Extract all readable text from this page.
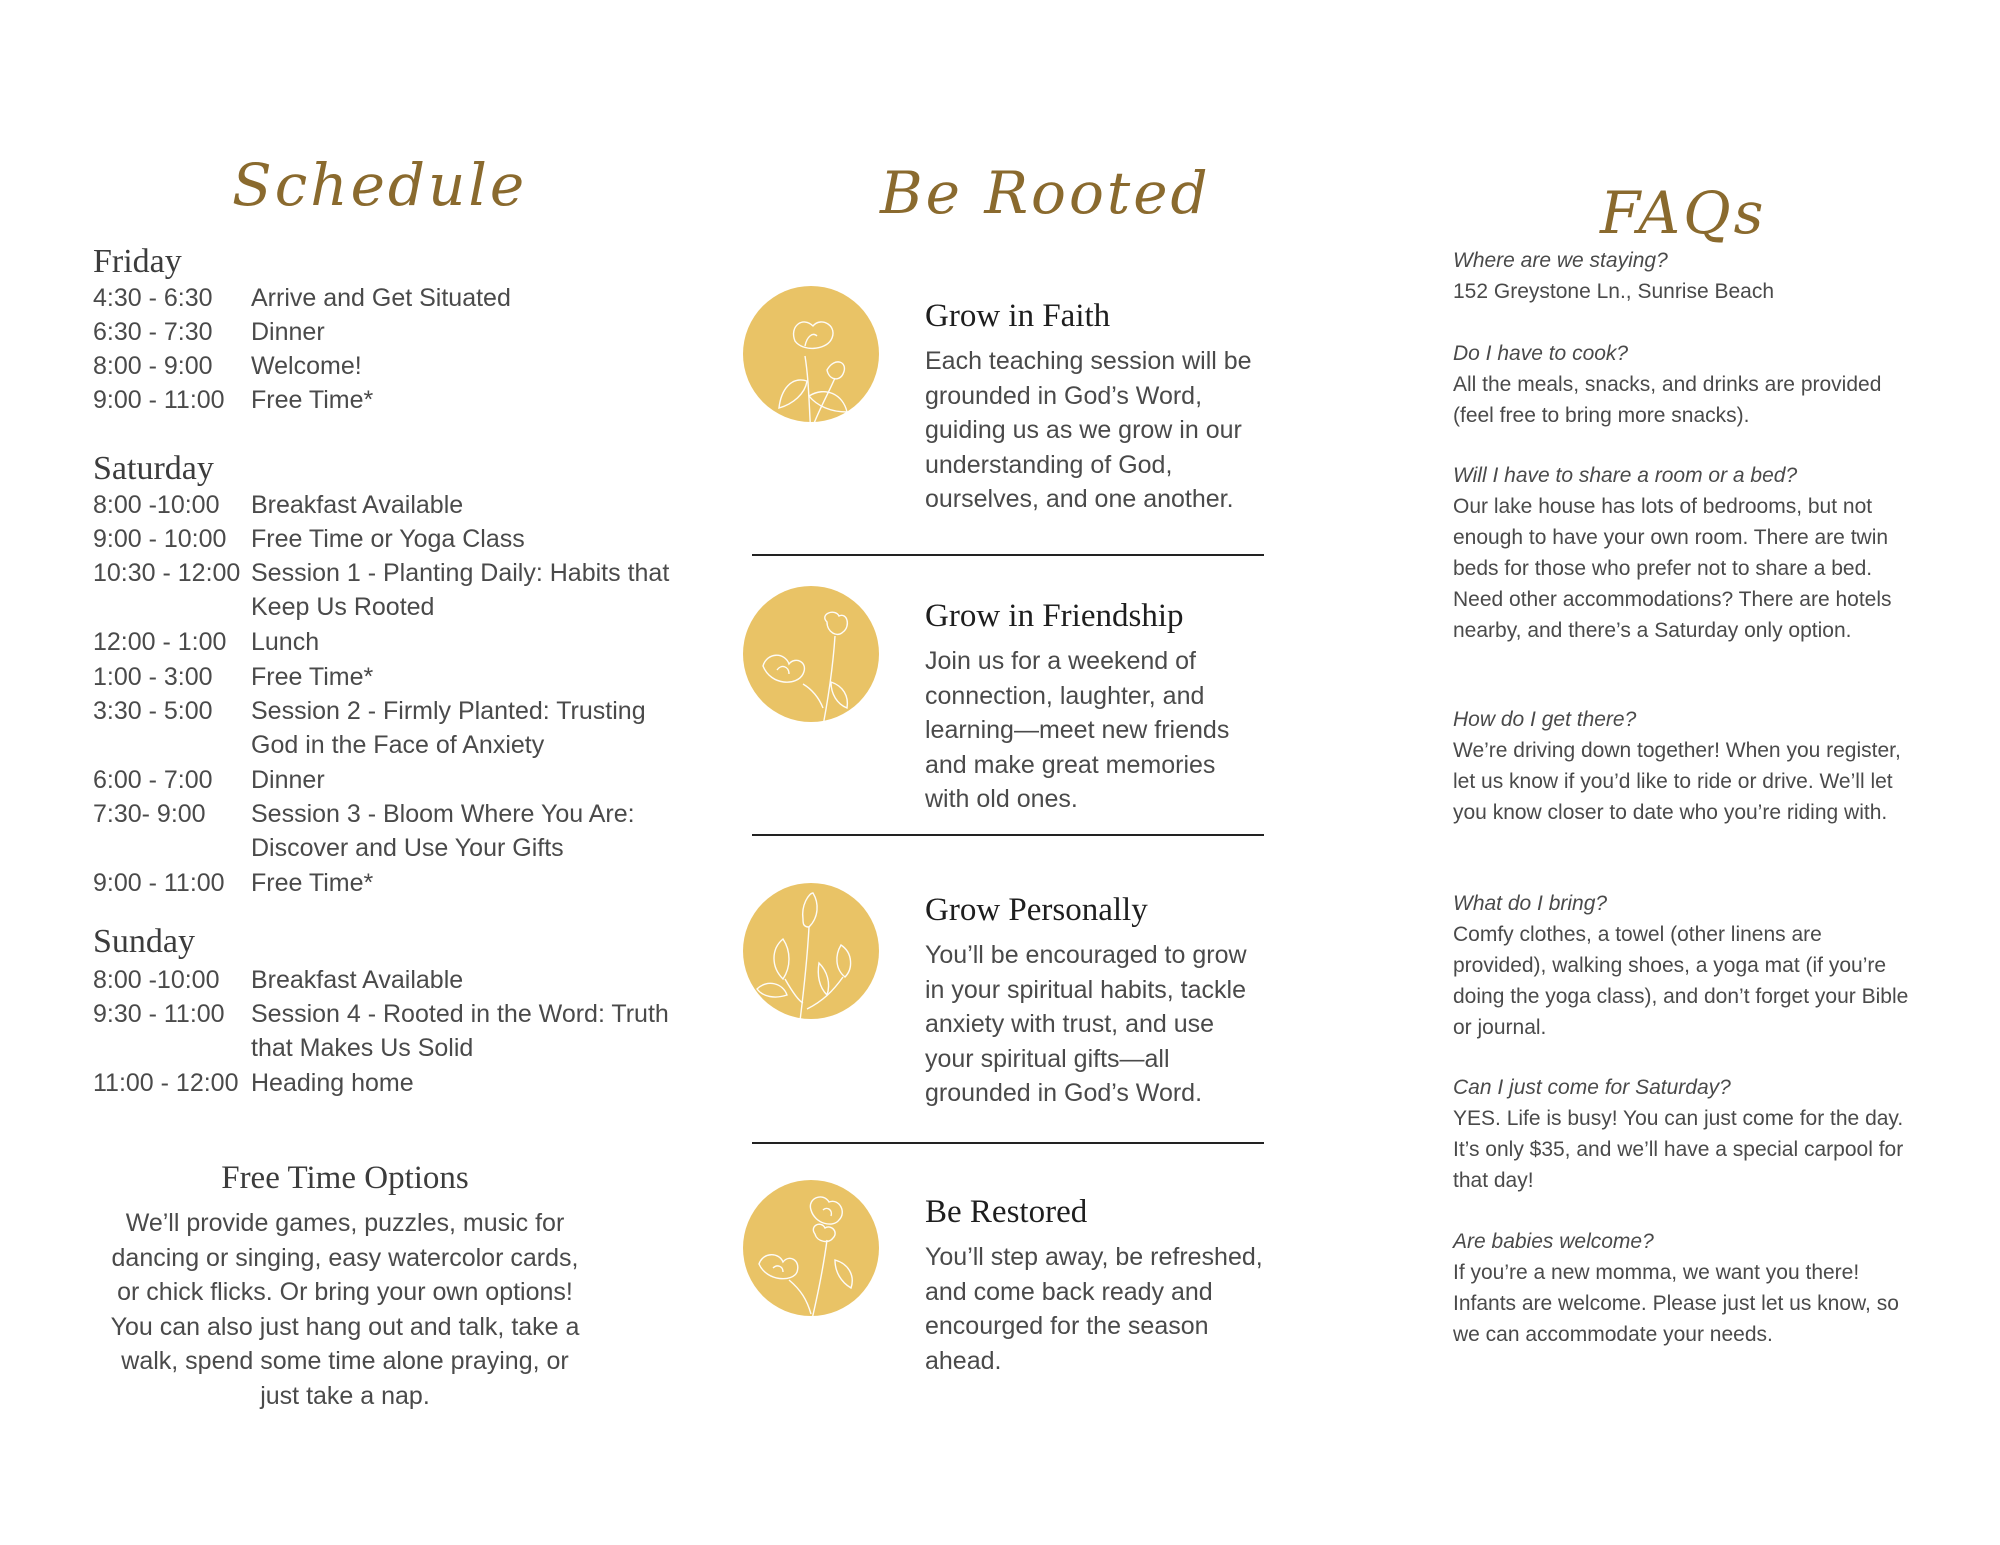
Schedule
Friday
4:30 - 6:30	Arrive and Get Situated
6:30 - 7:30	Dinner
8:00 - 9:00	Welcome!
9:00 - 11:00	Free Time*
Saturday
8:00 -10:00	Breakfast Available
9:00 - 10:00 Free Time or Yoga Class
10:30 - 12:00 Session 1 - Planting Daily: Habits that Keep Us Rooted
12:00 - 1:00 Lunch
1:00 - 3:00	Free Time*
3:30 - 5:00	Session 2 - Firmly Planted: Trusting God in the Face of Anxiety
6:00 - 7:00	Dinner
7:30- 9:00	Session 3 - Bloom Where You Are: Discover and Use Your Gifts
9:00 - 11:00	Free Time*
Sunday
8:00 -10:00	Breakfast Available
9:30 - 11:00	Session 4 - Rooted in the Word: Truth that Makes Us Solid
11:00 - 12:00 Heading home
Free Time Options
We’ll provide games, puzzles, music for dancing or singing, easy watercolor cards, or chick flicks. Or bring your own options! You can also just hang out and talk, take a walk, spend some time alone praying, or just take a nap.
Be Rooted
Grow in Faith
Each teaching session will be grounded in God’s Word, guiding us as we grow in our understanding of God, ourselves, and one another.
Grow in Friendship
Join us for a weekend of connection, laughter, and learning—meet new friends and make great memories with old ones.
Grow Personally
You’ll be encouraged to grow in your spiritual habits, tackle anxiety with trust, and use your spiritual gifts—all grounded in God’s Word.
Be Restored
You’ll step away, be refreshed, and come back ready and encourged for the season ahead.
FAQs
Where are we staying?
152 Greystone Ln., Sunrise Beach
Do I have to cook?
All the meals, snacks, and drinks are provided (feel free to bring more snacks).
Will I have to share a room or a bed?
Our lake house has lots of bedrooms, but not enough to have your own room. There are twin beds for those who prefer not to share a bed. Need other accommodations? There are hotels nearby, and there’s a Saturday only option.
How do I get there?
We’re driving down together! When you register, let us know if you’d like to ride or drive. We’ll let you know closer to date who you’re riding with.
What do I bring?
Comfy clothes, a towel (other linens are provided), walking shoes, a yoga mat (if you’re doing the yoga class), and don’t forget your Bible or journal.
Can I just come for Saturday?
YES. Life is busy! You can just come for the day. It’s only $35, and we’ll have a special carpool for that day!
Are babies welcome?
If you’re a new momma, we want you there! Infants are welcome. Please just let us know, so we can accommodate your needs.
